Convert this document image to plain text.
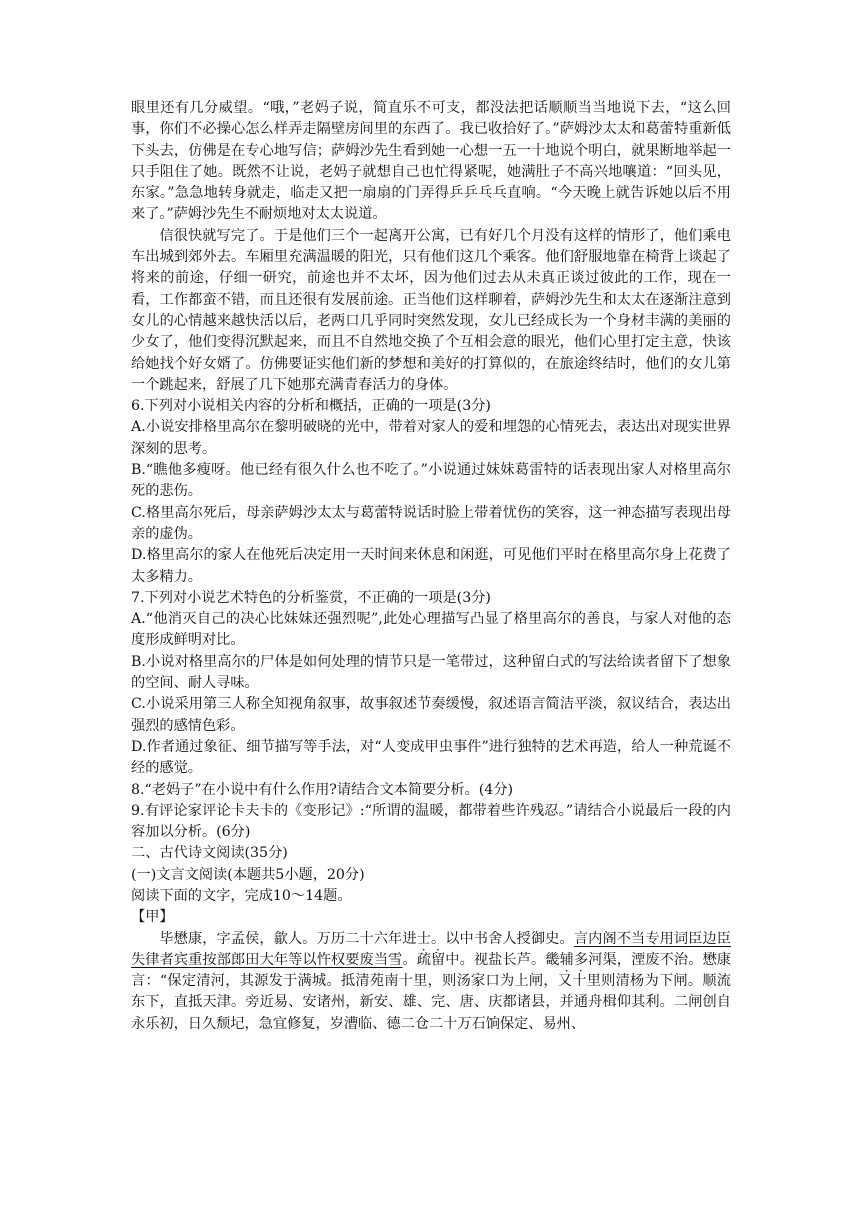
眼里还有几分威望。“哦，”老妈子说，简直乐不可支，都没法把话顺顺当当地说下去，“这么回事，你们不必操心怎么样弄走隔壁房间里的东西了。我已收拾好了。”萨姆沙太太和葛蕾特重新低下头去，仿佛是在专心地写信；萨姆沙先生看到她一心想一五一十地说个明白，就果断地举起一只手阻住了她。既然不让说，老妈子就想自己也忙得紧呢，她满肚子不高兴地嚷道：“回头见，东家。”急急地转身就走，临走又把一扇扇的门弄得乒乒乓乓直响。“今天晚上就告诉她以后不用来了。”萨姆沙先生不耐烦地对太太说道。

信很快就写完了。于是他们三个一起离开公寓，已有好几个月没有这样的情形了，他们乘电车出城到郊外去。车厢里充满温暖的阳光，只有他们这几个乘客。他们舒服地靠在椅背上谈起了将来的前途，仔细一研究，前途也并不太坏，因为他们过去从未真正谈过彼此的工作，现在一看，工作都蛮不错，而且还很有发展前途。正当他们这样聊着，萨姆沙先生和太太在逐渐注意到女儿的心情越来越快活以后，老两口几乎同时突然发现，女儿已经成长为一个身材丰满的美丽的少女了，他们变得沉默起来，而且不自然地交换了个互相会意的眼光，他们心里打定主意，快该给她找个好女婿了。仿佛要证实他们新的梦想和美好的打算似的，在旅途终结时，他们的女儿第一个跳起来，舒展了几下她那充满青春活力的身体。

6.下列对小说相关内容的分析和概括，正确的一项是(3分)

A.小说安排格里高尔在黎明破晓的光中，带着对家人的爱和埋怨的心情死去，表达出对现实世界深刻的思考。

B.“瞧他多瘦呀。他已经有很久什么也不吃了。”小说通过妹妹葛雷特的话表现出家人对格里高尔死的悲伤。

C.格里高尔死后，母亲萨姆沙太太与葛蕾特说话时脸上带着忧伤的笑容，这一神态描写表现出母亲的虚伪。

D.格里高尔的家人在他死后决定用一天时间来休息和闲逛，可见他们平时在格里高尔身上花费了太多精力。

7.下列对小说艺术特色的分析鉴赏，不正确的一项是(3分)

A.“他消灭自己的决心比妹妹还强烈呢”,此处心理描写凸显了格里高尔的善良，与家人对他的态度形成鲜明对比。

B.小说对格里高尔的尸体是如何处理的情节只是一笔带过，这种留白式的写法给读者留下了想象的空间、耐人寻味。

C.小说采用第三人称全知视角叙事，故事叙述节奏缓慢，叙述语言简洁平淡，叙议结合，表达出强烈的感情色彩。

D.作者通过象征、细节描写等手法，对“人变成甲虫事件”进行独特的艺术再造，给人一种荒诞不经的感觉。

8.“老妈子”在小说中有什么作用?请结合文本简要分析。(4分)

9.有评论家评论卡夫卡的《变形记》:“所谓的温暖，都带着些许残忍。”请结合小说最后一段的内容加以分析。(6分)

二、古代诗文阅读(35分)

(一)文言文阅读(本题共5小题，20分)

阅读下面的文字，完成10～14题。

【甲】

毕懋康，字孟侯，歙人。万历二十六年进士。以中书舍人授御史。言内阁不当专用词臣边臣失律者宾重按部郎田大年等以忤权要废当雪。疏留中。视盐长芦。畿辅多河渠，湮废不治。懋康言：“保定清河，其源发于满城。抵清苑南十里，则汤家口为上闸，又十里则清杨为下闸。顺流东下，直抵天津。旁近易、安诸州，新安、雄、完、唐、庆都诸县，并通舟楫仰其利。二闸创自永乐初，日久颓圮，急宜修复，岁漕临、德二仓二十万石饷保定、易州、
